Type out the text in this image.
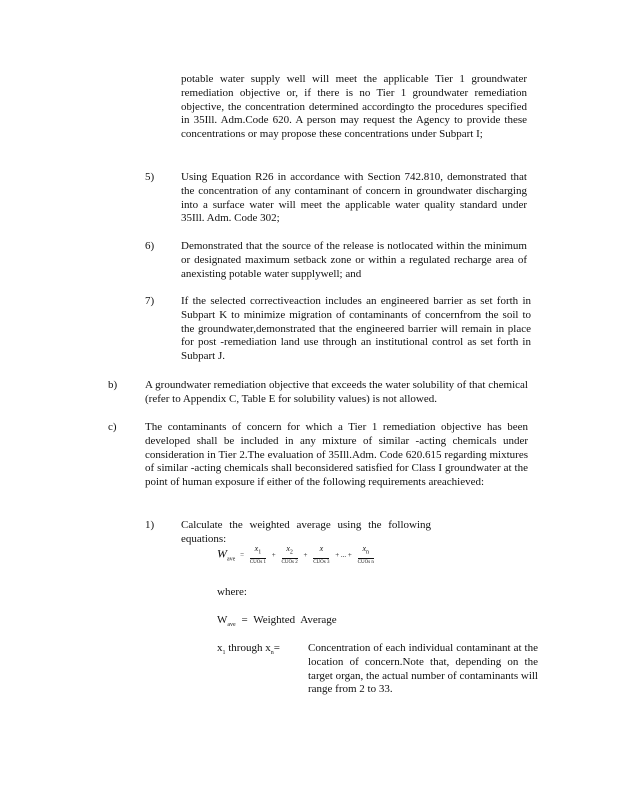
potable water supply well will meet the applicable Tier 1 groundwater remediation objective or, if there is no Tier 1 groundwater remediation objective, the concentration determined accordingto the procedures specified in 35Ill. Adm.Code 620. A person may request the Agency to provide these concentrations or may propose these concentrations under Subpart I;
5) Using Equation R26 in accordance with Section 742.810, demonstrated that the concentration of any contaminant of concern in groundwater discharging into a surface water will meet the applicable water quality standard under 35Ill. Adm. Code 302;
6) Demonstrated that the source of the release is notlocated within the minimum or designated maximum setback zone or within a regulated recharge area of anexisting potable water supplywell; and
7) If the selected correctiveaction includes an engineered barrier as set forth in Subpart K to minimize migration of contaminants of concernfrom the soil to the groundwater,demonstrated that the engineered barrier will remain in place for post -remediation land use through an institutional control as set forth in Subpart J.
b)	A groundwater remediation objective that exceeds the water solubility of that chemical (refer to Appendix C, Table E for solubility values) is not allowed.
c)	The contaminants of concern for which a Tier 1 remediation objective has been developed shall be included in any mixture of similar -acting chemicals under consideration in Tier 2.The evaluation of 35Ill.Adm. Code 620.615 regarding mixtures of similar -acting chemicals shall beconsidered satisfied for Class I groundwater at the point of human exposure if either of the following requirements areachieved:
1) Calculate the weighted average using the following equations:
$W_{ave} = \frac{x_1}{\text{CUOs 1}} + \frac{x_2}{\text{CUOs 2}} + \frac{x}{\text{CUOs 3}}$ + ... + $\frac{x_n}{\text{CUOs n}}$
where:
$W_{ave}$ = Weighted Average
$x_1$ through $x_n=$	Concentration of each individual contaminant at the location of concern.Note that, depending on the target organ, the actual number of contaminants will range from 2 to 33.
